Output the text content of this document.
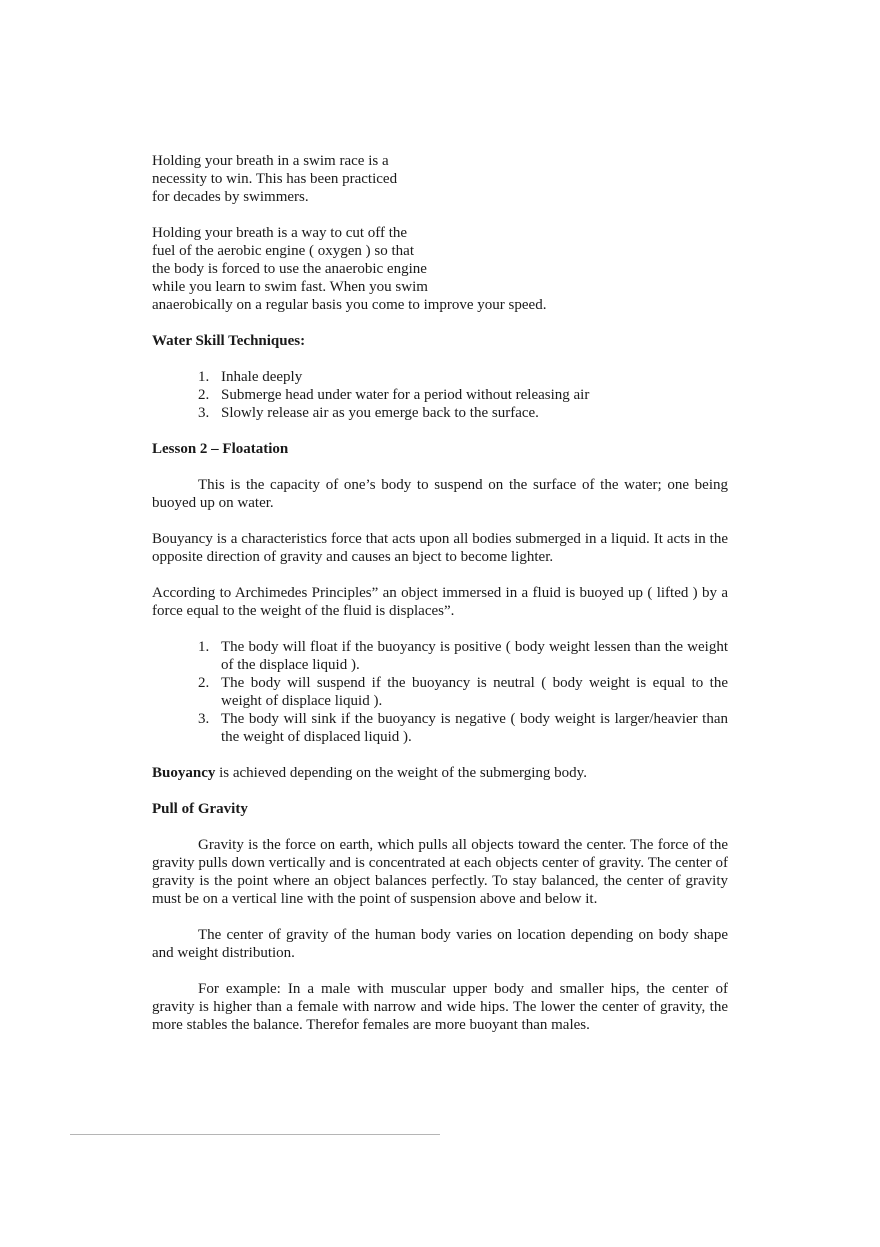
Holding your breath in a swim race is a
necessity to win. This has been practiced
for decades by swimmers.

Holding your breath is a way to cut off the
fuel of the aerobic engine ( oxygen ) so that
the body is forced to use the anaerobic engine
while you learn to swim fast. When you swim
anaerobically on a regular basis you come to improve your speed.

Water Skill Techniques:

1. Inhale deeply
2. Submerge head under water for a period without releasing air
3. Slowly release air as you emerge back to the surface.

Lesson 2 – Floatation

This is the capacity of one’s body to suspend on the surface of the water; one being buoyed up on water.

Bouyancy is a characteristics force that acts upon all bodies submerged in a liquid. It acts in the opposite direction of gravity and causes an bject to become lighter.

According to Archimedes Principles” an object immersed in a fluid is buoyed up ( lifted ) by a force equal to the weight of the fluid is displaces”.

1. The body will float if the buoyancy is positive ( body weight lessen than the weight of the displace liquid ).
2. The body will suspend if the buoyancy is neutral ( body weight is equal to the weight of displace liquid ).
3. The body will sink if the buoyancy is negative ( body weight is larger/heavier than the weight of displaced liquid ).

Buoyancy is achieved depending on the weight of the submerging body.

Pull of Gravity

Gravity is the force on earth, which pulls all objects toward the center. The force of the gravity pulls down vertically and is concentrated at each objects center of gravity. The center of gravity is the point where an object balances perfectly. To stay balanced, the center of gravity must be on a vertical line with the point of suspension above and below it.

The center of gravity of the human body varies on location depending on body shape and weight distribution.

For example: In a male with muscular upper body and smaller hips, the center of gravity is higher than a female with narrow and wide hips. The lower the center of gravity, the more stables the balance. Therefor females are more buoyant than males.
